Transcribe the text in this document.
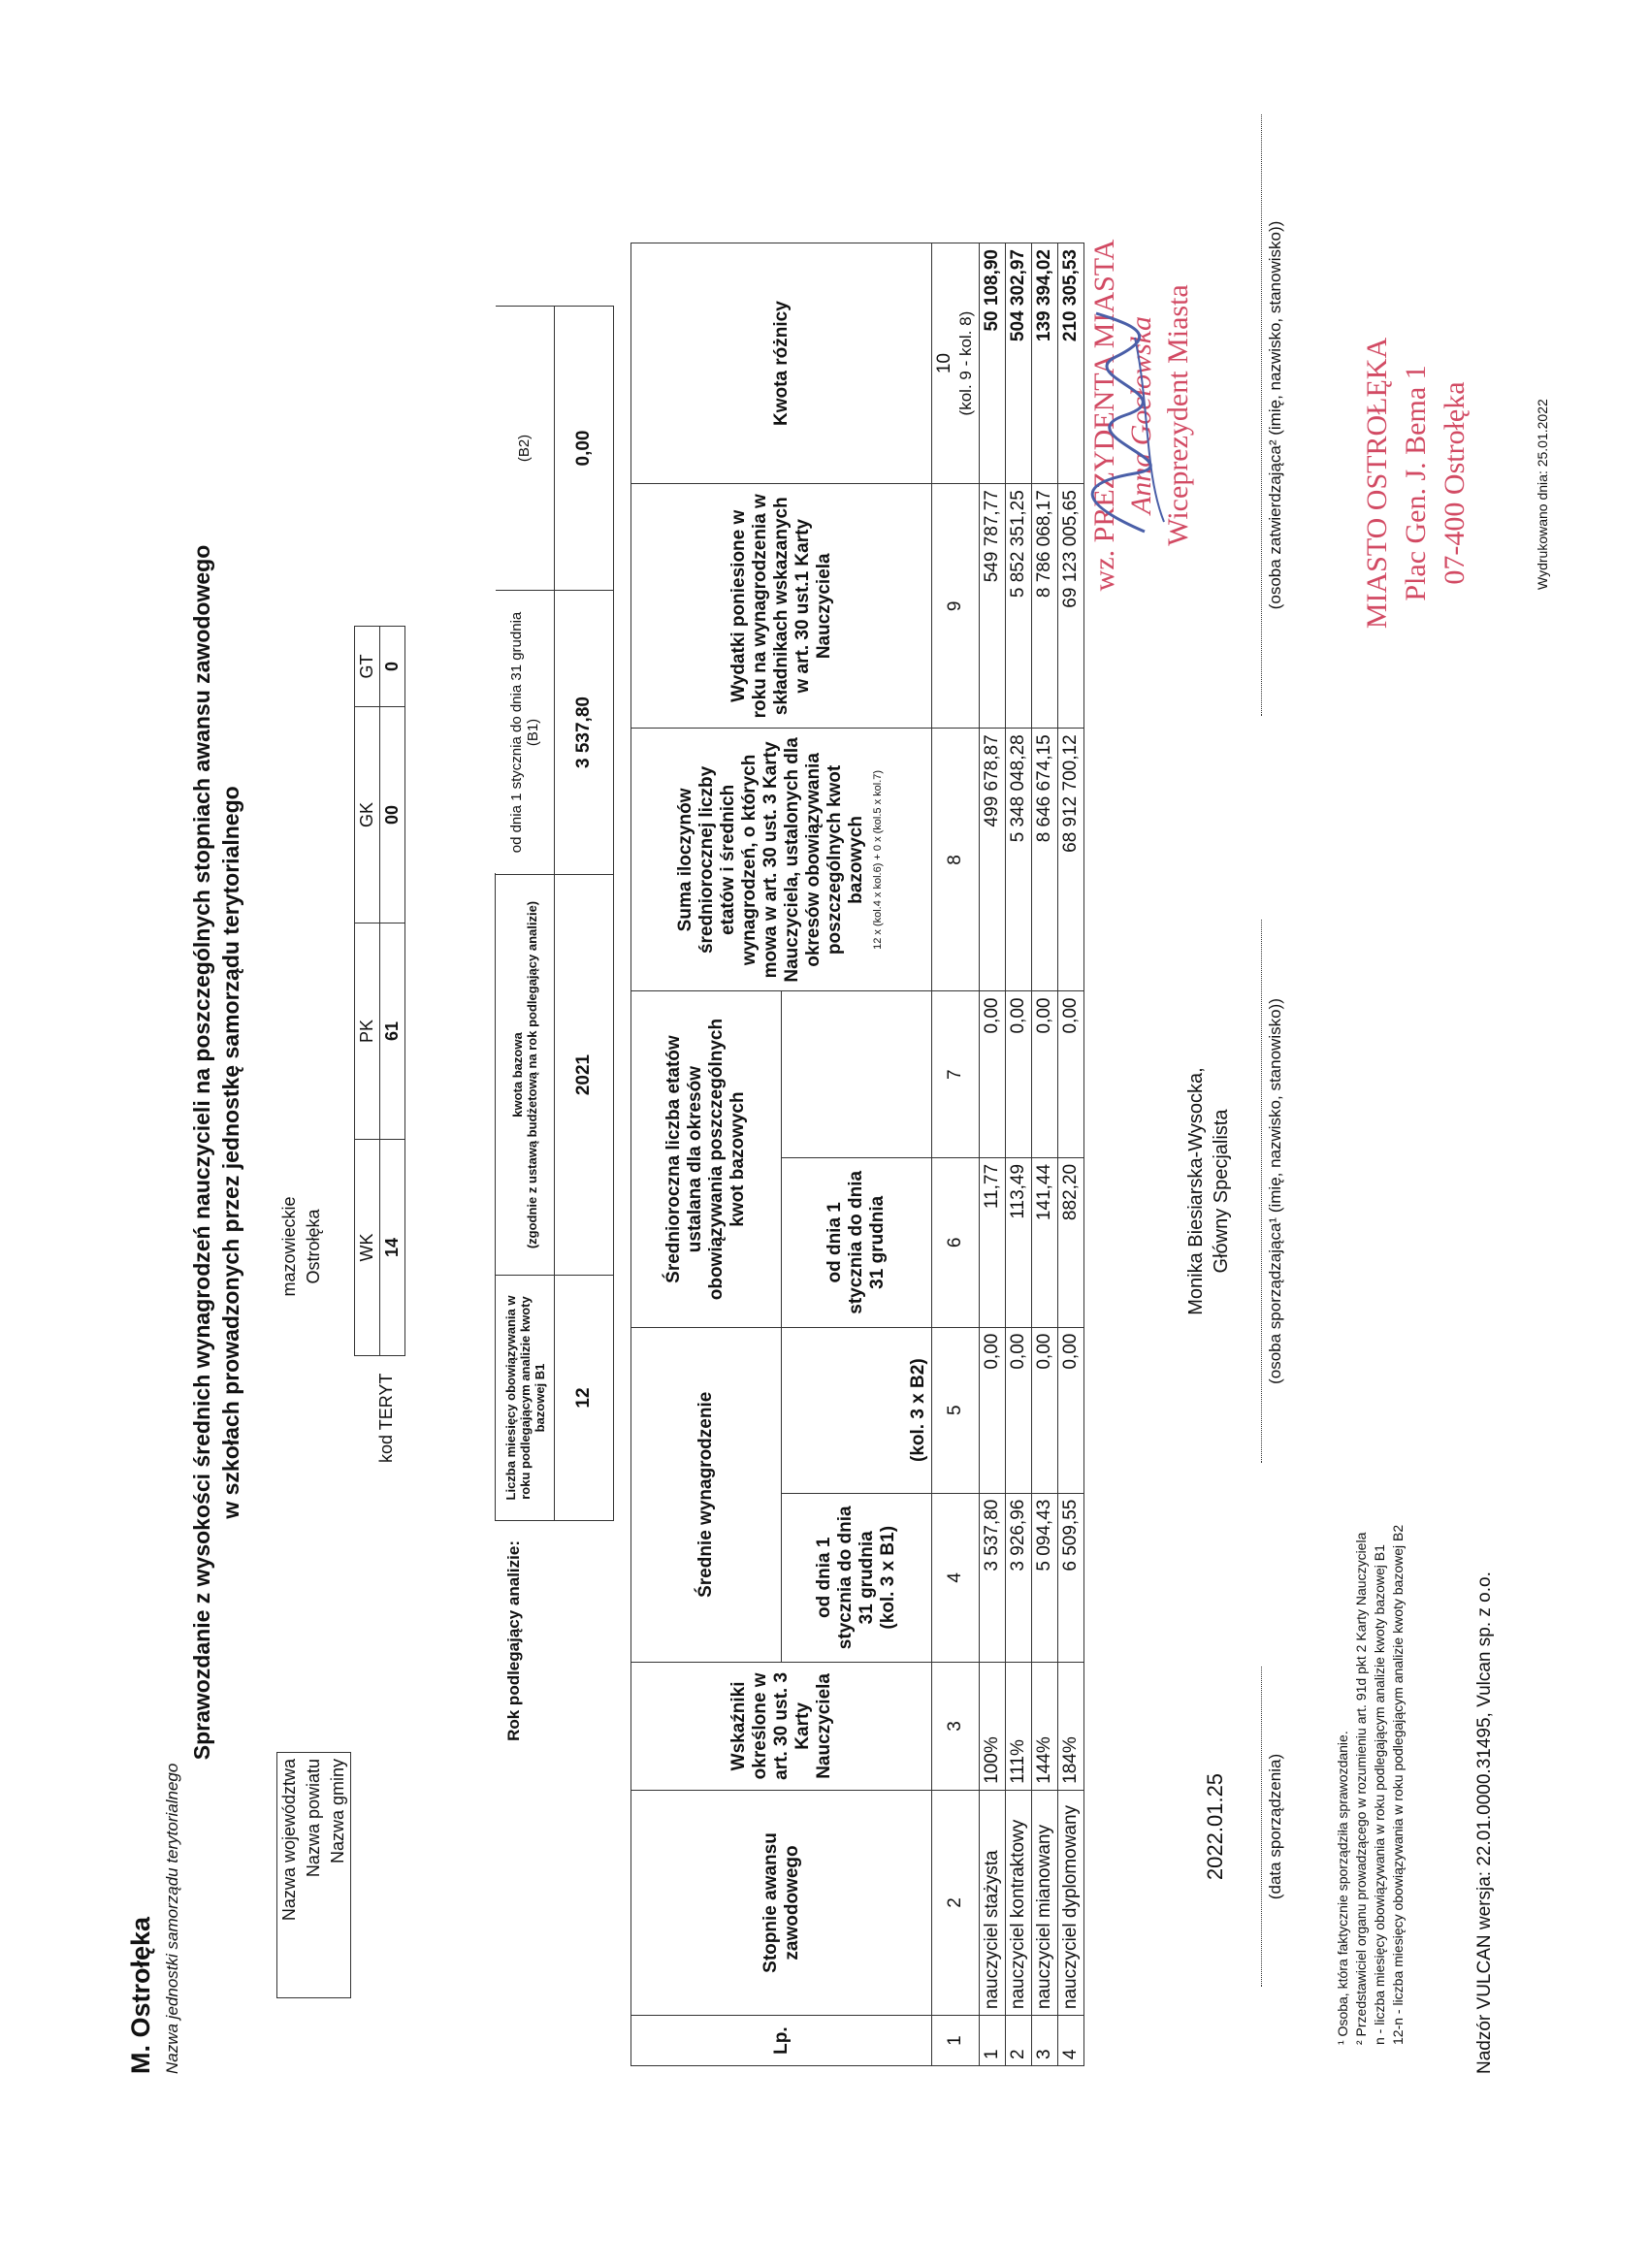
M. Ostrołęka Nazwa jednostki samorządu terytorialnego
Sprawozdanie z wysokości średnich wynagrodzeń nauczycieli na poszczególnych stopniach awansu zawodowego w szkołach prowadzonych przez jednostkę samorządu terytorialnego
Nazwa województwa	mazowieckie
Nazwa powiatu	Ostrołęka
Nazwa gminy	
kod TERYT
WK	PK	GK	GT
14	61	00	0
Rok podlegający analizie:
Liczba miesięcy obowiązywania w roku podlegającym analizie kwoty bazowej B1	kwota bazowa (zgodnie z ustawą budżetową na rok podlegający analizie)	od dnia 1 stycznia do dnia 31 grudnia (B1)	(B2)
12	2021	3 537,80	0,00
Lp.	Stopnie awansu zawodowego	Wskaźniki określone w art. 30 ust. 3 Karty Nauczyciela	Średnie wynagrodzenie		Średnioroczna liczba etatów ustalana dla okresów obowiązywania poszczególnych kwot bazowych		Suma iloczynów średniorocznej liczby etatów i średnich wynagrodzeń, o których mowa w art. 30 ust. 3 Karty Nauczyciela, ustalonych dla okresów obowiązywania poszczególnych kwot bazowych 12 x (kol.4 x kol.6) + 0 x (kol.5 x kol.7)	Wydatki poniesione w roku na wynagrodzenia w składnikach wskazanych w art. 30 ust.1 Karty Nauczyciela	Kwota różnicy

			od dnia 1 stycznia do dnia 31 grudnia (kol. 3 x B1)	(kol. 3 x B2)	od dnia 1 stycznia do dnia 31 grudnia				
1	2	3	4	5	6	7	8	9	10 (kol. 9 - kol. 8)

1	nauczyciel stażysta	100%	3 537,80	0,00	11,77	0,00	499 678,87	549 787,77	50 108,90
2	nauczyciel kontraktowy	111%	3 926,96	0,00	113,49	0,00	5 348 048,28	5 852 351,25	504 302,97
3	nauczyciel mianowany	144%	5 094,43	0,00	141,44	0,00	8 646 674,15	8 786 068,17	139 394,02
4	nauczyciel dyplomowany	184%	6 509,55	0,00	882,20	0,00	68 912 700,12	69 123 005,65	210 305,53
2022.01.25 (data sporządzenia)
Monika Biesiarska-Wysocka, Główny Specjalista (osoba sporządzająca¹ (imię, nazwisko, stanowisko))
wz. PREZYDENTA MIASTA Anna Gocłowska Wiceprezydent Miasta	(osoba zatwierdzająca² (imię, nazwisko, stanowisko))	MIASTO OSTROŁĘKA Plac Gen. J. Bema 1 07-400 Ostrołęka
¹ Osoba, która faktycznie sporządziła sprawozdanie. ² Przedstawiciel organu prowadzącego w rozumieniu art. 91d pkt 2 Karty Nauczyciela n - liczba miesięcy obowiązywania w roku podlegającym analizie kwoty bazowej B1 12-n - liczba miesięcy obowiązywania w roku podlegającym analizie kwoty bazowej B2	Nadzór VULCAN wersja: 22.01.0000.31495, Vulcan sp. z o.o.
Wydrukowano dnia: 25.01.2022
